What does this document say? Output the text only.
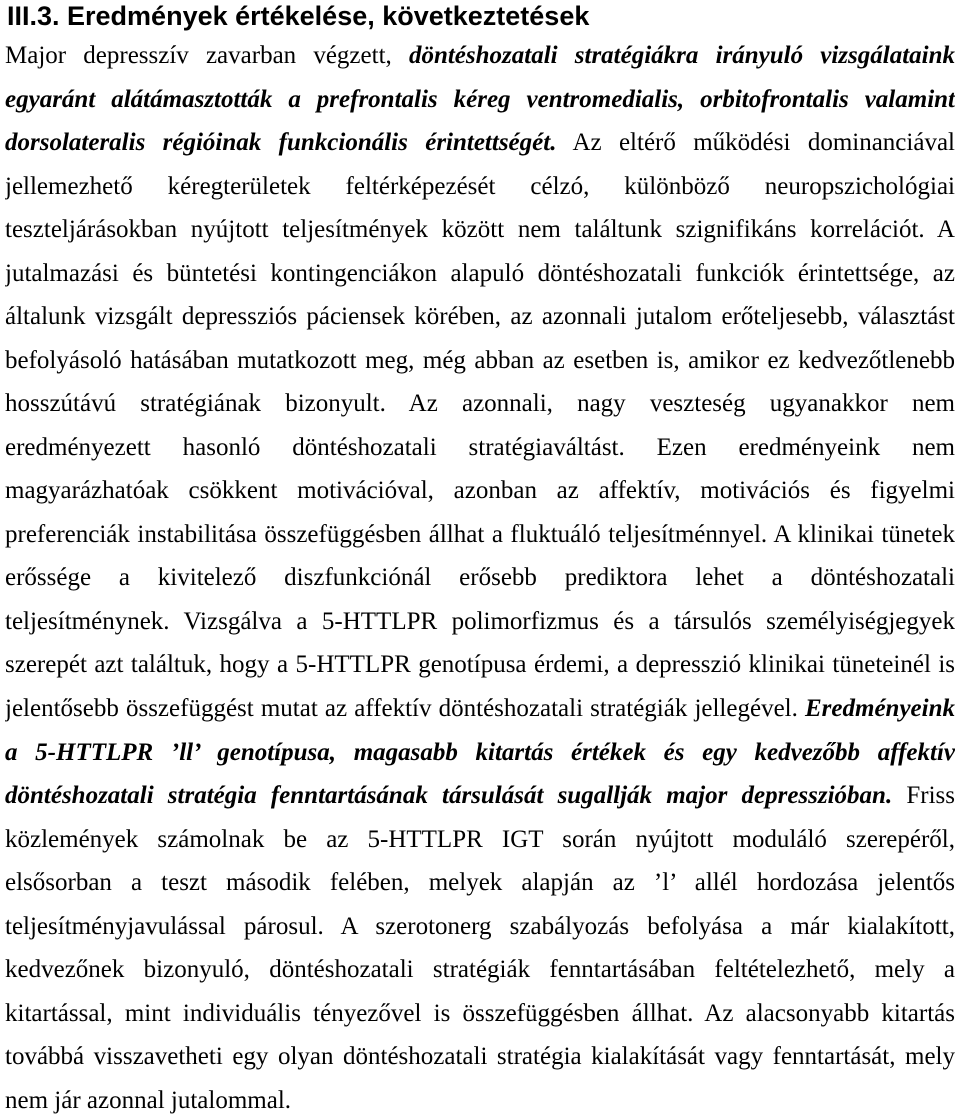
III.3. Eredmények értékelése, következtetések
Major depresszív zavarban végzett, döntéshozatali stratégiákra irányuló vizsgálataink
egyaránt alátámasztották a prefrontalis kéreg ventromedialis, orbitofrontalis valamint
dorsolateralis régióinak funkcionális érintettségét. Az eltérő működési dominanciával
jellemezhető kéregterületek feltérképezését célzó, különböző neuropszichológiai
teszteljárásokban nyújtott teljesítmények között nem találtunk szignifikáns korrelációt. A
jutalmazási és büntetési kontingenciákon alapuló döntéshozatali funkciók érintettsége, az
általunk vizsgált depressziós páciensek körében, az azonnali jutalom erőteljesebb, választást
befolyásoló hatásában mutatkozott meg, még abban az esetben is, amikor ez kedvezőtlenebb
hosszútávú stratégiának bizonyult. Az azonnali, nagy veszteség ugyanakkor nem
eredményezett hasonló döntéshozatali stratégiaváltást. Ezen eredményeink nem
magyarázhatóak csökkent motivációval, azonban az affektív, motivációs és figyelmi
preferenciák instabilitása összefüggésben állhat a fluktuáló teljesítménnyel. A klinikai tünetek
erőssége a kivitelező diszfunkciónál erősebb prediktora lehet a döntéshozatali
teljesítménynek. Vizsgálva a 5-HTTLPR polimorfizmus és a társulós személyiségjegyek
szerepét azt találtuk, hogy a 5-HTTLPR genotípusa érdemi, a depresszió klinikai tüneteinél is
jelentősebb összefüggést mutat az affektív döntéshozatali stratégiák jellegével. Eredményeink
a 5-HTTLPR ’ll’ genotípusa, magasabb kitartás értékek és egy kedvezőbb affektív
döntéshozatali stratégia fenntartásának társulását sugallják major depresszióban. Friss
közlemények számolnak be az 5-HTTLPR IGT során nyújtott moduláló szerepéről,
elsősorban a teszt második felében, melyek alapján az ’l’ allél hordozása jelentős
teljesítményjavulással párosul. A szerotonerg szabályozás befolyása a már kialakított,
kedvezőnek bizonyuló, döntéshozatali stratégiák fenntartásában feltételezhető, mely a
kitartással, mint individuális tényezővel is összefüggésben állhat. Az alacsonyabb kitartás
továbbá visszavetheti egy olyan döntéshozatali stratégia kialakítását vagy fenntartását, mely
nem jár azonnal jutalommal.
